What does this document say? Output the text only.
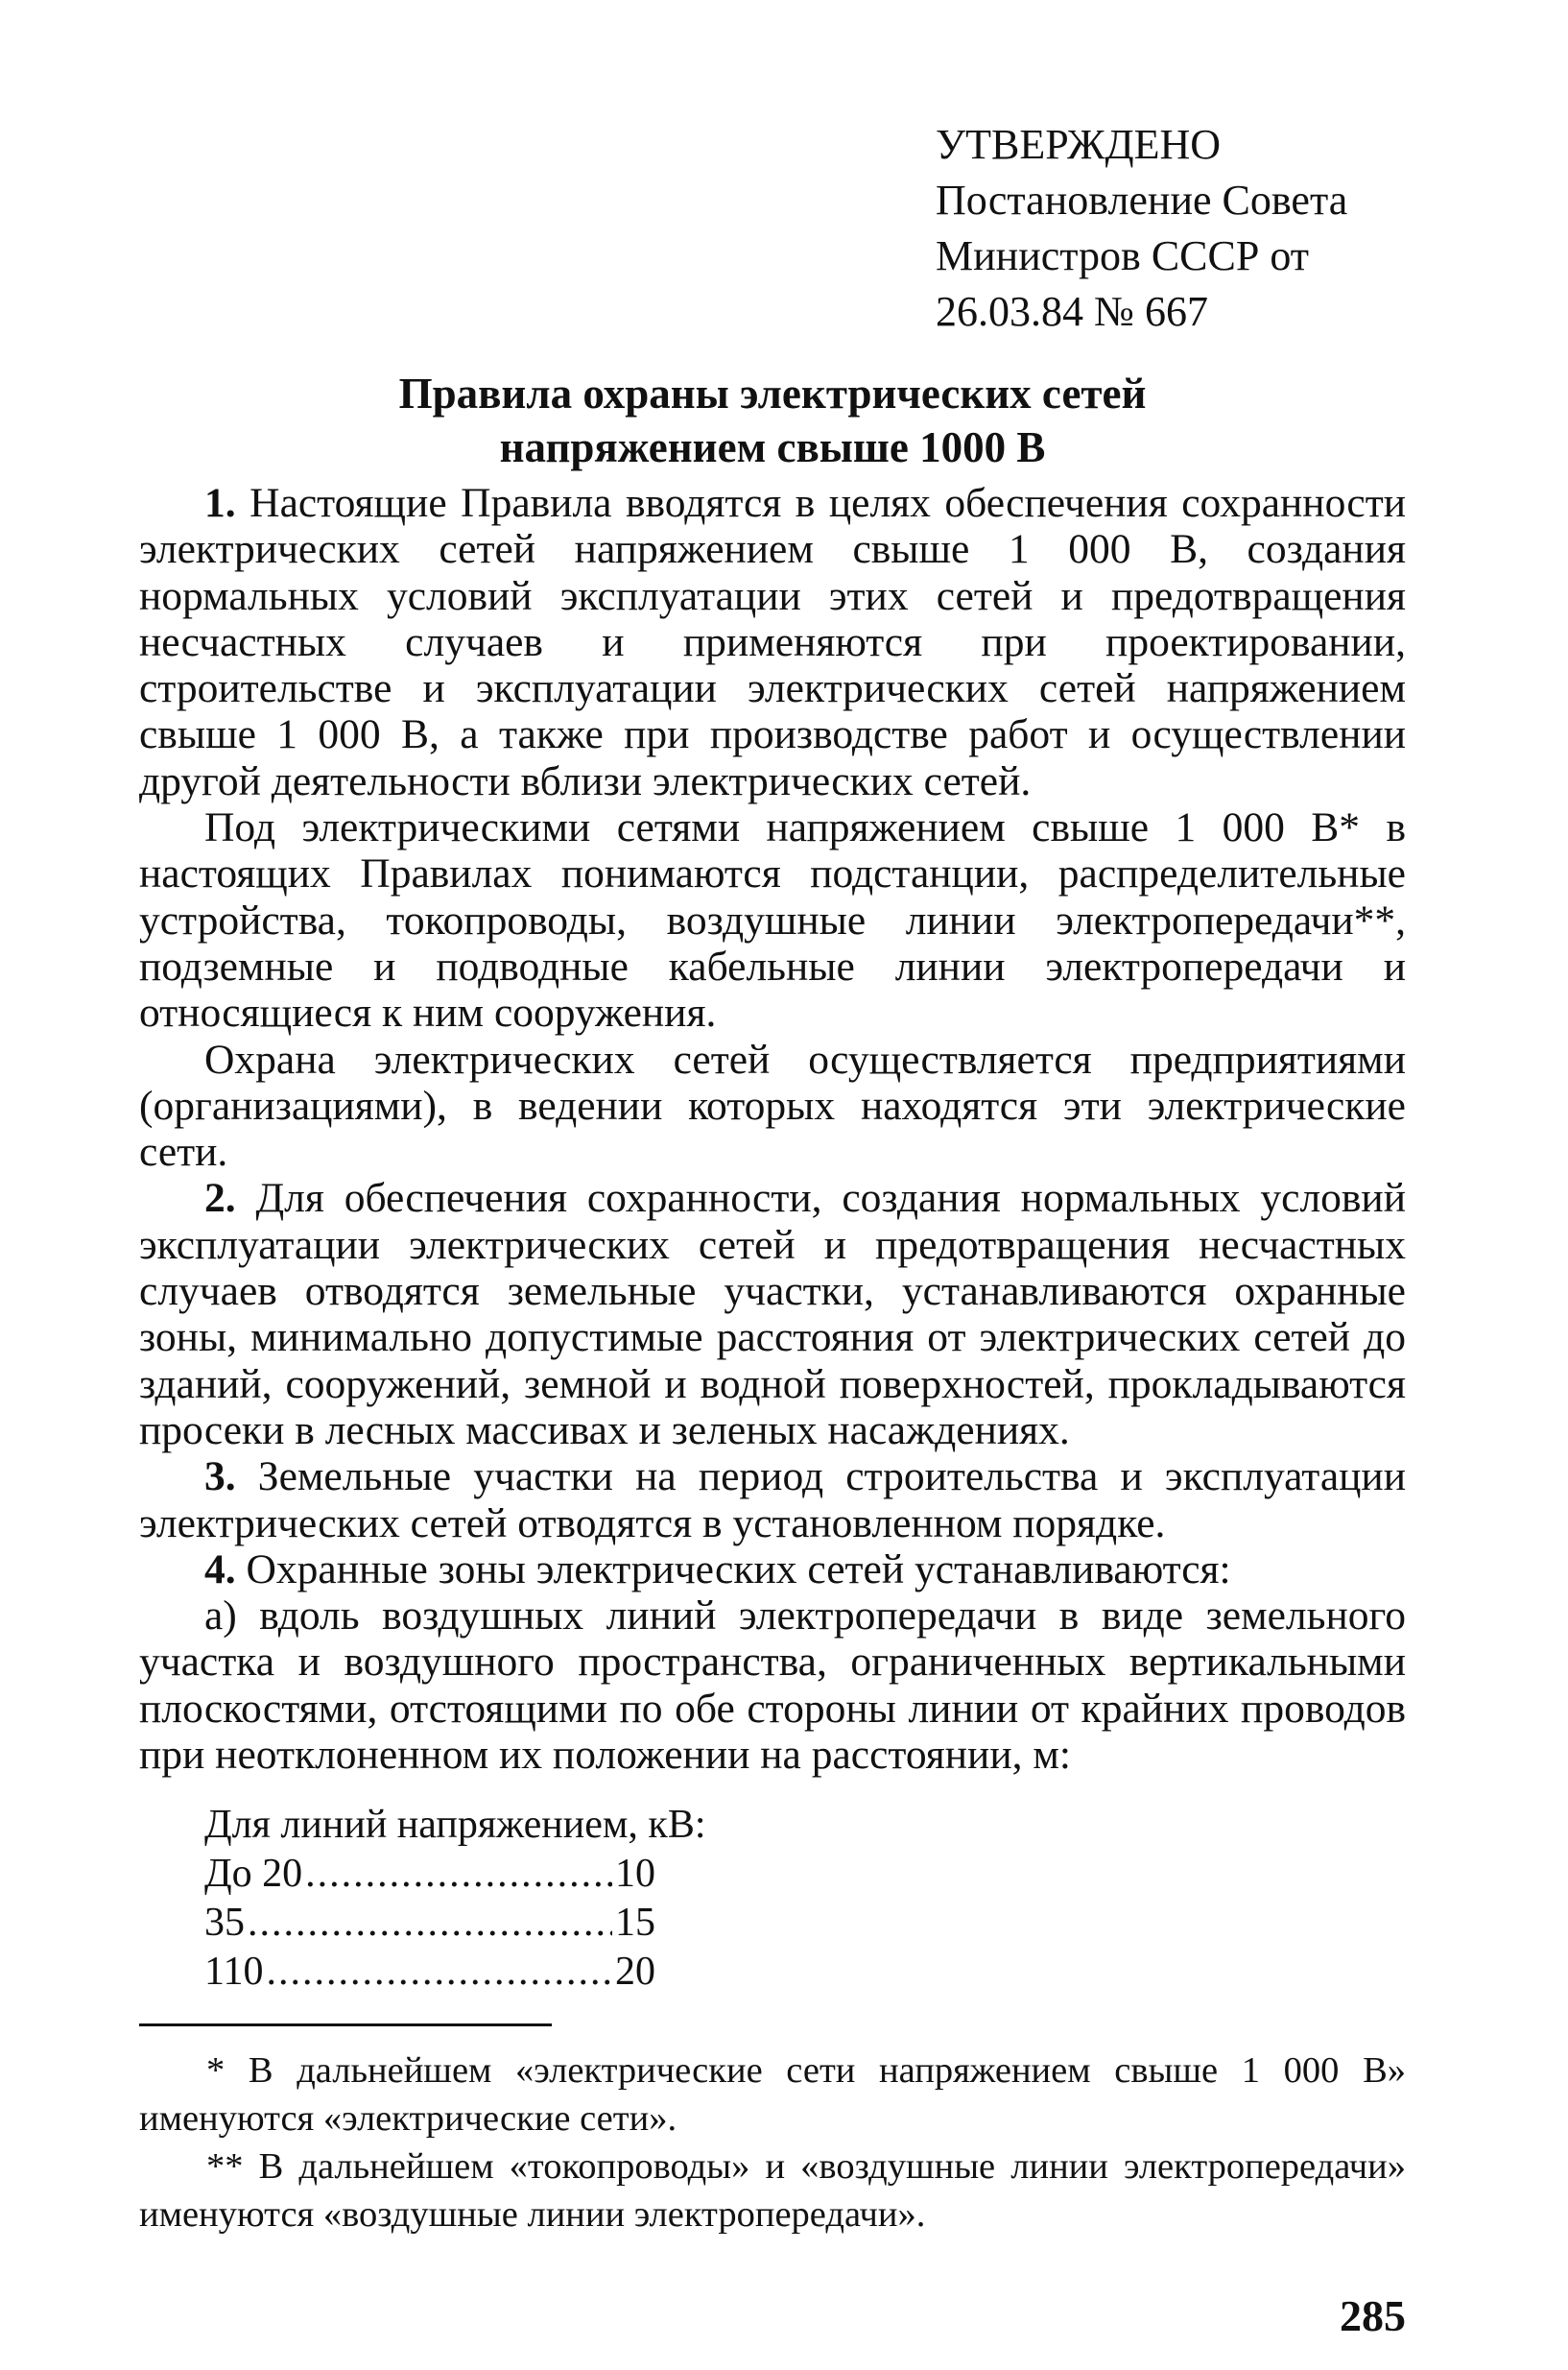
УТВЕРЖДЕНО
Постановление Совета
Министров СССР от
26.03.84 № 667
Правила охраны электрических сетей
напряжением свыше 1000 В

1. Настоящие Правила вводятся в целях обеспечения сохранности электрических сетей напряжением свыше 1 000 В, создания нормальных условий эксплуатации этих сетей и предотвращения несчастных случаев и применяются при проектировании, строительстве и эксплуатации электрических сетей напряжением свыше 1 000 В, а также при производстве работ и осуществлении другой деятельности вблизи электрических сетей.

Под электрическими сетями напряжением свыше 1 000 В* в настоящих Правилах понимаются подстанции, распределительные устройства, токопроводы, воздушные линии электропередачи**, подземные и подводные кабельные линии электропередачи и относящиеся к ним сооружения.

Охрана электрических сетей осуществляется предприятиями (организациями), в ведении которых находятся эти электрические сети.

2. Для обеспечения сохранности, создания нормальных условий эксплуатации электрических сетей и предотвращения несчастных случаев отводятся земельные участки, устанавливаются охранные зоны, минимально допустимые расстояния от электрических сетей до зданий, сооружений, земной и водной поверхностей, прокладываются просеки в лесных массивах и зеленых насаждениях.

3. Земельные участки на период строительства и эксплуатации электрических сетей отводятся в установленном порядке.

4. Охранные зоны электрических сетей устанавливаются:

а) вдоль воздушных линий электропередачи в виде земельного участка и воздушного пространства, ограниченных вертикальными плоскостями, отстоящими по обе стороны линии от крайних проводов при неотклоненном их положении на расстоянии, м:

Для линий напряжением, кВ:
До 20 .....	10
35 .....	15
110 .....	20

* В дальнейшем «электрические сети напряжением свыше 1 000 В» именуются «электрические сети».

** В дальнейшем «токопроводы» и «воздушные линии электропередачи» именуются «воздушные линии электропередачи».

285
